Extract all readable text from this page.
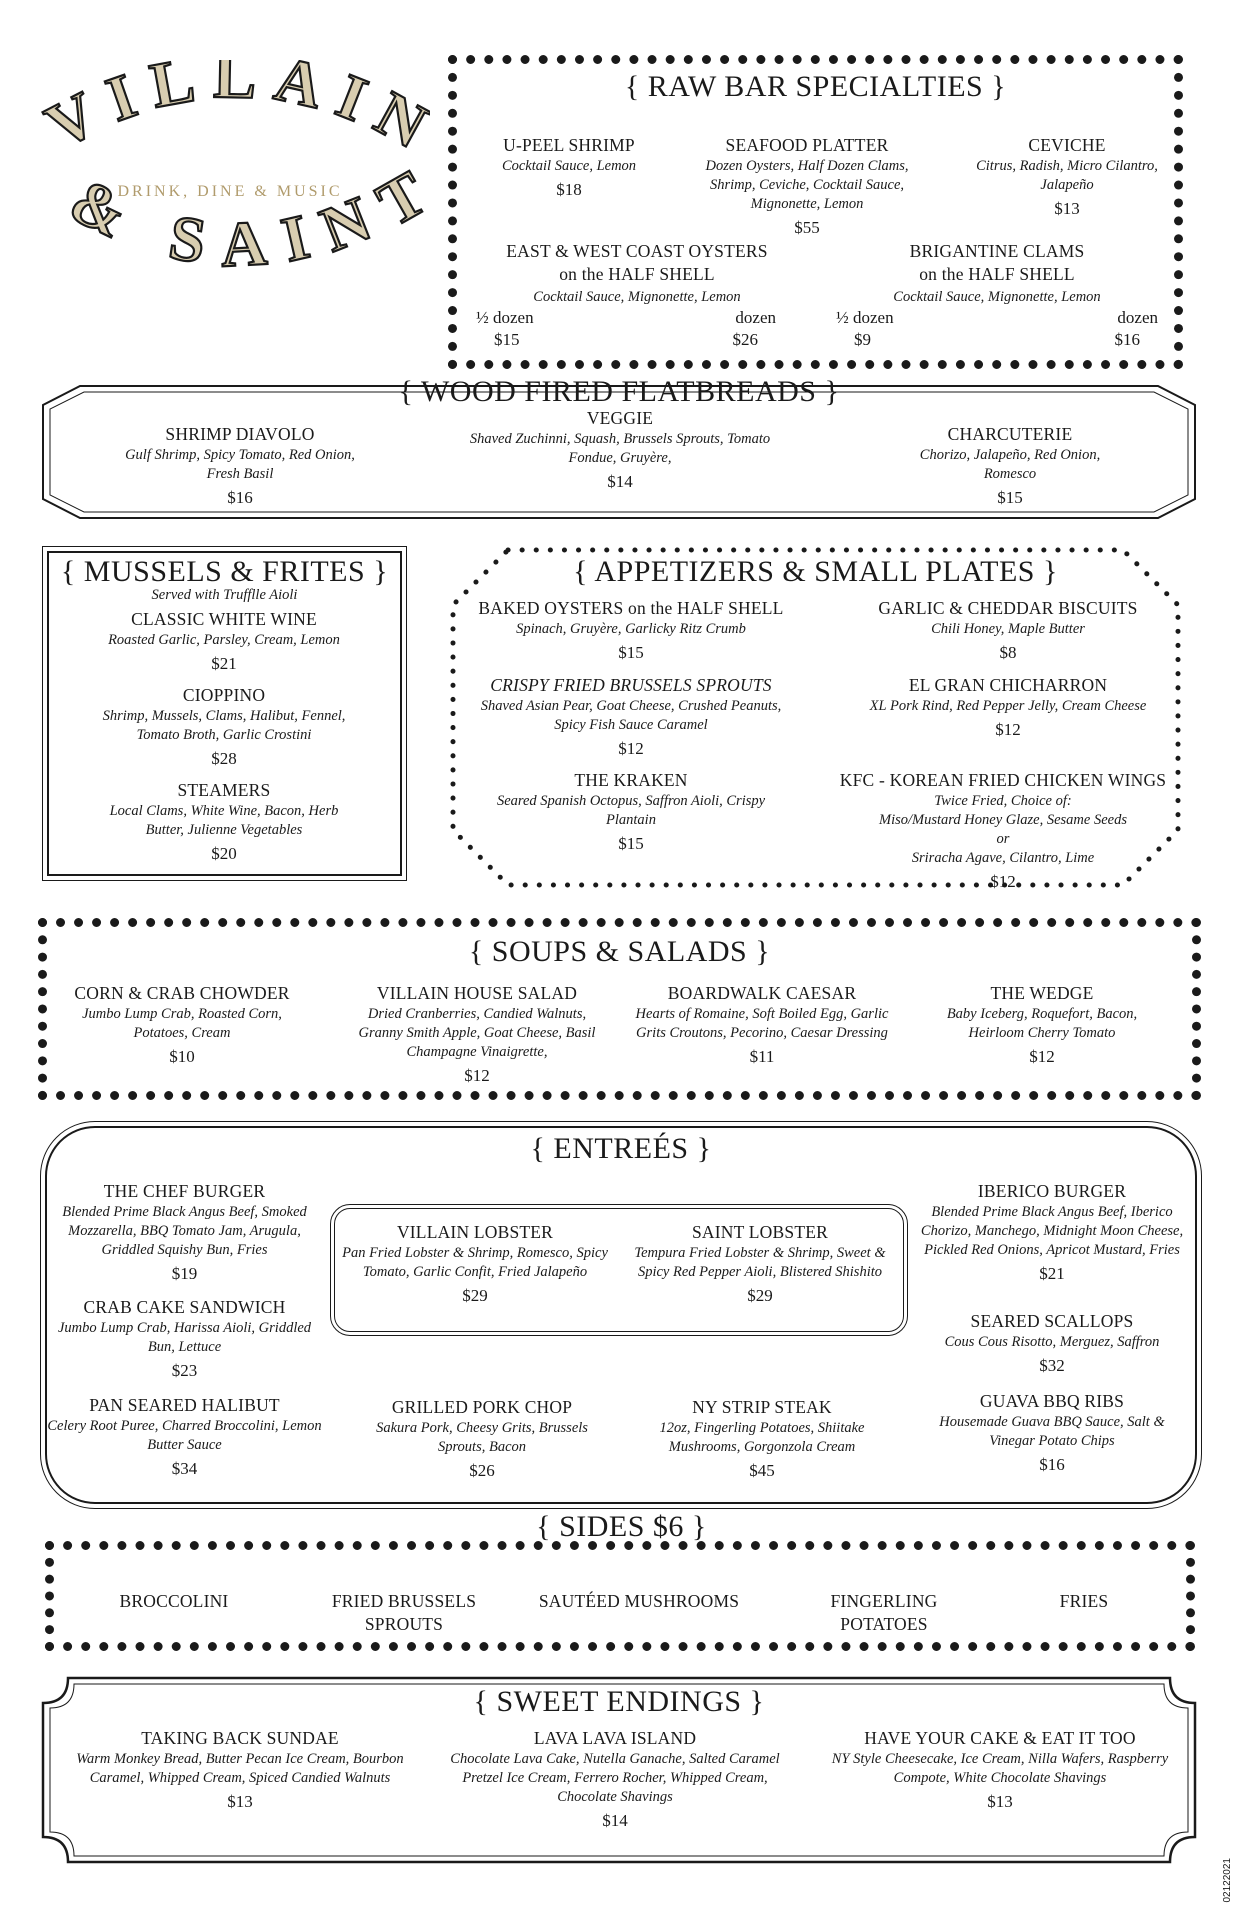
VILLAI
DRINK, DINE & MUSIC
& SAIN
{ RAW BAR SPECIALTIES }
U-PEEL SHRIMP
Cocktail Sauce, Lemon
$18
SEAFOOD PLATTER
Dozen Oysters, Half Dozen Clams, Shrimp, Ceviche, Cocktail Sauce, Mignonette, Lemon
$55
CEVICHE
Citrus, Radish, Micro Cilantro, Jalapeño
$13
EAST & WEST COAST OYSTERS
on the HALF SHELL
Cocktail Sauce, Mignonette, Lemon
½ dozen	dozen
$15	$26
BRIGANTINE CLAMS
on the HALF SHELL
Cocktail Sauce, Mignonette, Lemon
½ dozen	dozen
$9	$16
{ WOOD FIRED FLATBREADS }
SHRIMP DIAVOLO
Gulf Shrimp, Spicy Tomato, Red Onion, Fresh Basil
$16
VEGGIE
Shaved Zuchinni, Squash, Brussels Sprouts, Tomato Fondue, Gruyère,
$14
CHARCUTERIE
Chorizo, Jalapeño, Red Onion, Romesco
$15
{ MUSSELS & FRITES }
Served with Trufflle Aioli
CLASSIC WHITE WINE
Roasted Garlic, Parsley, Cream, Lemon
$21
CIOPPINO
Shrimp, Mussels, Clams, Halibut, Fennel, Tomato Broth, Garlic Crostini
$28
STEAMERS
Local Clams, White Wine, Bacon, Herb Butter, Julienne Vegetables
$20
{ APPETIZERS & SMALL PLATES }
BAKED OYSTERS on the HALF SHELL
Spinach, Gruyère, Garlicky Ritz Crumb
$15
GARLIC & CHEDDAR BISCUITS
Chili Honey, Maple Butter
$8
CRISPY FRIED BRUSSELS SPROUTS
Shaved Asian Pear, Goat Cheese, Crushed Peanuts, Spicy Fish Sauce Caramel
$12
EL GRAN CHICHARRON
XL Pork Rind, Red Pepper Jelly, Cream Cheese
$12
THE KRAKEN
Seared Spanish Octopus, Saffron Aioli, Crispy Plantain
$15
KFC - KOREAN FRIED CHICKEN WINGS
Twice Fried, Choice of:
Miso/Mustard Honey Glaze, Sesame Seeds
or
Sriracha Agave, Cilantro, Lime
$12
{ SOUPS & SALADS }
CORN & CRAB CHOWDER
Jumbo Lump Crab, Roasted Corn, Potatoes, Cream
$10
VILLAIN HOUSE SALAD
Dried Cranberries, Candied Walnuts, Granny Smith Apple, Goat Cheese, Basil Champagne Vinaigrette,
$12
BOARDWALK CAESAR
Hearts of Romaine, Soft Boiled Egg, Garlic Grits Croutons, Pecorino, Caesar Dressing
$11
THE WEDGE
Baby Iceberg, Roquefort, Bacon, Heirloom Cherry Tomato
$12
{ ENTREÉS }
THE CHEF BURGER
Blended Prime Black Angus Beef, Smoked Mozzarella, BBQ Tomato Jam, Arugula, Griddled Squishy Bun, Fries
$19
CRAB CAKE SANDWICH
Jumbo Lump Crab, Harissa Aioli, Griddled Bun, Lettuce
$23
PAN SEARED HALIBUT
Celery Root Puree, Charred Broccolini, Lemon Butter Sauce
$34
VILLAIN LOBSTER
Pan Fried Lobster & Shrimp, Romesco, Spicy Tomato, Garlic Confit, Fried Jalapeño
$29
SAINT LOBSTER
Tempura Fried Lobster & Shrimp, Sweet & Spicy Red Pepper Aioli, Blistered Shishito
$29
GRILLED PORK CHOP
Sakura Pork, Cheesy Grits, Brussels Sprouts, Bacon
$26
NY STRIP STEAK
12oz, Fingerling Potatoes, Shiitake Mushrooms, Gorgonzola Cream
$45
IBERICO BURGER
Blended Prime Black Angus Beef, Iberico Chorizo, Manchego, Midnight Moon Cheese, Pickled Red Onions, Apricot Mustard, Fries
$21
SEARED SCALLOPS
Cous Cous Risotto, Merguez, Saffron
$32
GUAVA BBQ RIBS
Housemade Guava BBQ Sauce, Salt & Vinegar Potato Chips
$16
{ SIDES $6 }
BROCCOLINI	FRIED BRUSSELS SPROUTS
SAUTÉED MUSHROOMS	FINGERLING POTATOES
FRIES
{ SWEET ENDINGS }
TAKING BACK SUNDAE
Warm Monkey Bread, Butter Pecan Ice Cream, Bourbon Caramel, Whipped Cream, Spiced Candied Walnuts
$13
LAVA LAVA ISLAND
Chocolate Lava Cake, Nutella Ganache, Salted Caramel Pretzel Ice Cream, Ferrero Rocher, Whipped Cream, Chocolate Shavings
$14
HAVE YOUR CAKE & EAT IT TOO
NY Style Cheesecake, Ice Cream, Nilla Wafers, Raspberry Compote, White Chocolate Shavings
$13
02122021
